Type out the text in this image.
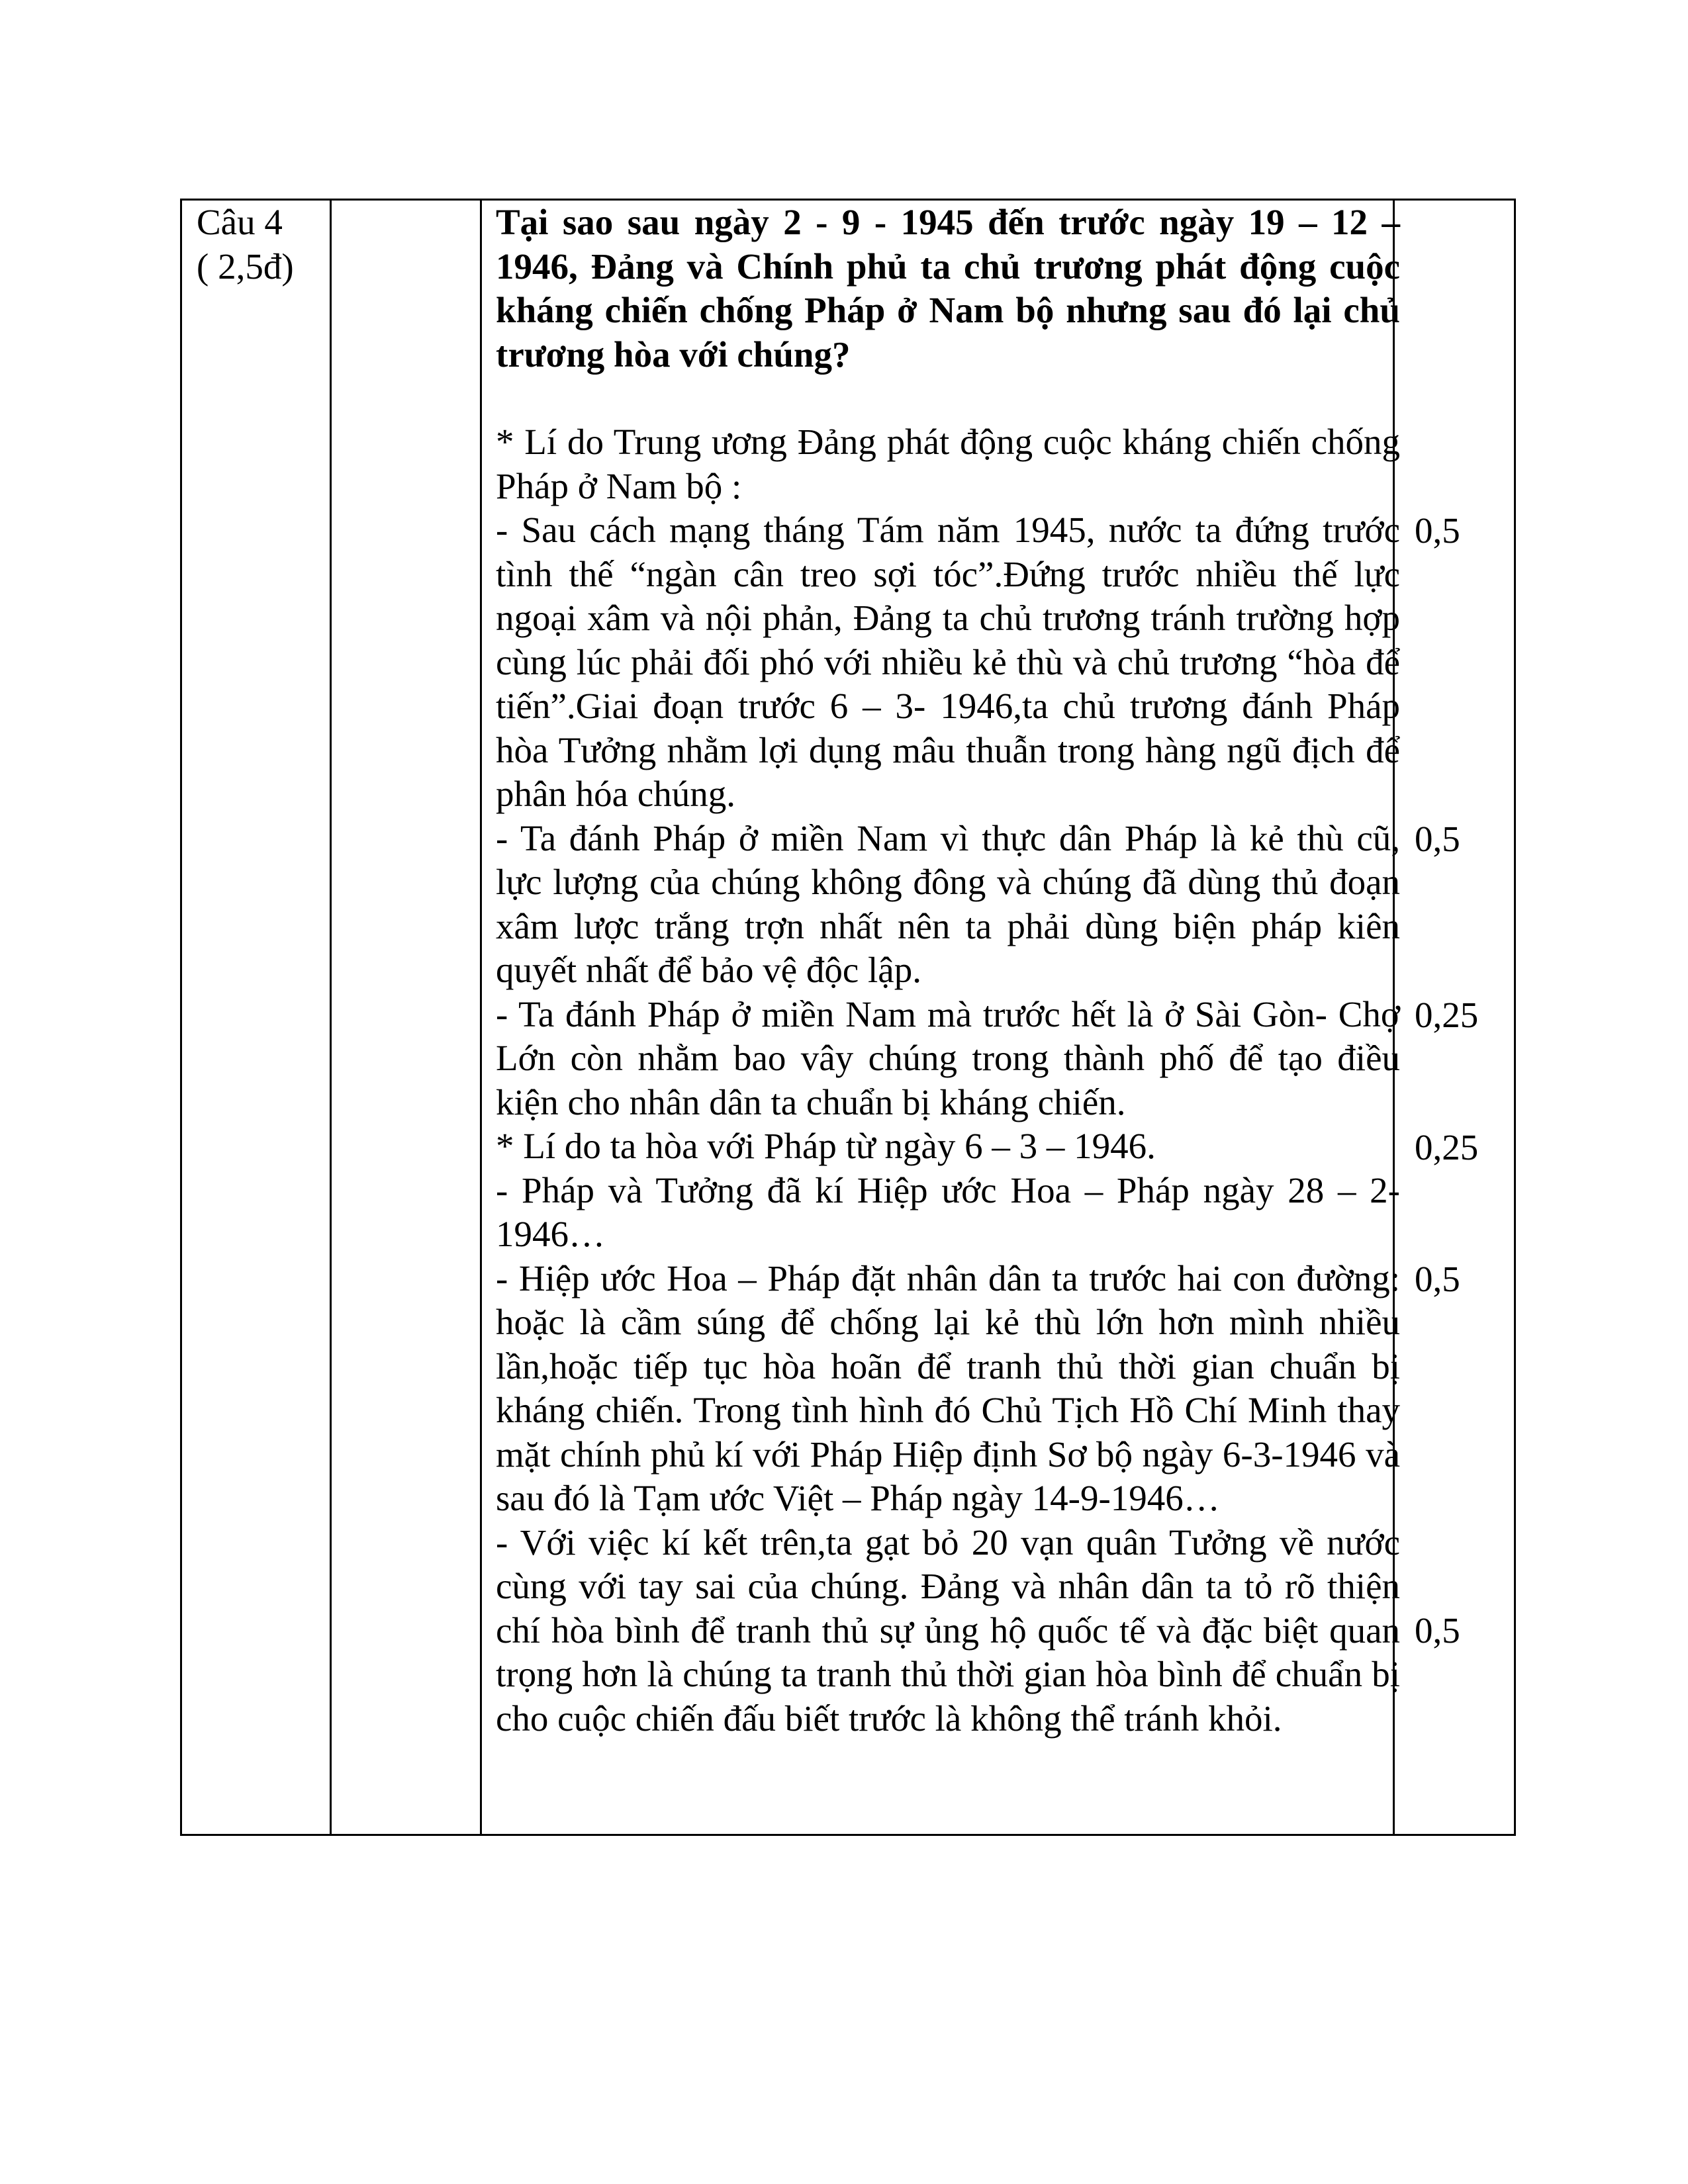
Câu 4
( 2,5đ)
Tại sao sau ngày 2 - 9 - 1945 đến trước ngày 19 – 12 – 1946, Đảng và Chính phủ ta chủ trương phát động cuộc kháng chiến chống Pháp ở Nam bộ nhưng sau đó lại chủ trương hòa với chúng?

* Lí do Trung ương Đảng phát động cuộc kháng chiến chống Pháp ở Nam bộ :

- Sau cách mạng tháng Tám năm 1945, nước ta đứng trước tình thế “ngàn cân treo sợi tóc”.Đứng trước nhiều thế lực ngoại xâm và nội phản, Đảng ta chủ trương tránh trường hợp cùng lúc phải đối phó với nhiều kẻ thù và chủ trương “hòa để tiến”.Giai đoạn trước 6 – 3- 1946,ta chủ trương đánh Pháp hòa Tưởng nhằm lợi dụng mâu thuẫn trong hàng ngũ địch để phân hóa chúng.

- Ta đánh Pháp ở miền Nam vì thực dân Pháp là kẻ thù cũ, lực lượng của chúng không đông và chúng đã dùng thủ đoạn xâm lược trắng trợn nhất nên ta phải dùng biện pháp kiên quyết nhất để bảo vệ độc lập.

- Ta đánh Pháp ở miền Nam mà trước hết là ở Sài Gòn- Chợ Lớn còn nhằm bao vây chúng trong thành phố để tạo điều kiện cho nhân dân ta chuẩn bị kháng chiến.

* Lí do ta hòa với Pháp từ ngày 6 – 3 – 1946.

- Pháp và Tưởng đã kí Hiệp ước Hoa – Pháp ngày 28 – 2- 1946…

- Hiệp ước Hoa – Pháp đặt nhân dân ta trước hai con đường: hoặc là cầm súng để chống lại kẻ thù lớn hơn mình nhiều lần,hoặc tiếp tục hòa hoãn để tranh thủ thời gian chuẩn bị kháng chiến. Trong tình hình đó Chủ Tịch Hồ Chí Minh thay mặt chính phủ kí với Pháp Hiệp định Sơ bộ ngày 6-3-1946 và sau đó là Tạm ước Việt – Pháp ngày 14-9-1946…

- Với việc kí kết trên,ta gạt bỏ 20 vạn quân Tưởng về nước cùng với tay sai của chúng. Đảng và nhân dân ta tỏ rõ thiện chí hòa bình để tranh thủ sự ủng hộ quốc tế và đặc biệt quan trọng hơn là chúng ta tranh thủ thời gian hòa bình để chuẩn bị cho cuộc chiến đấu biết trước là không thể tránh khỏi.

0,5
0,5
0,25
0,25
0,5
0,5
